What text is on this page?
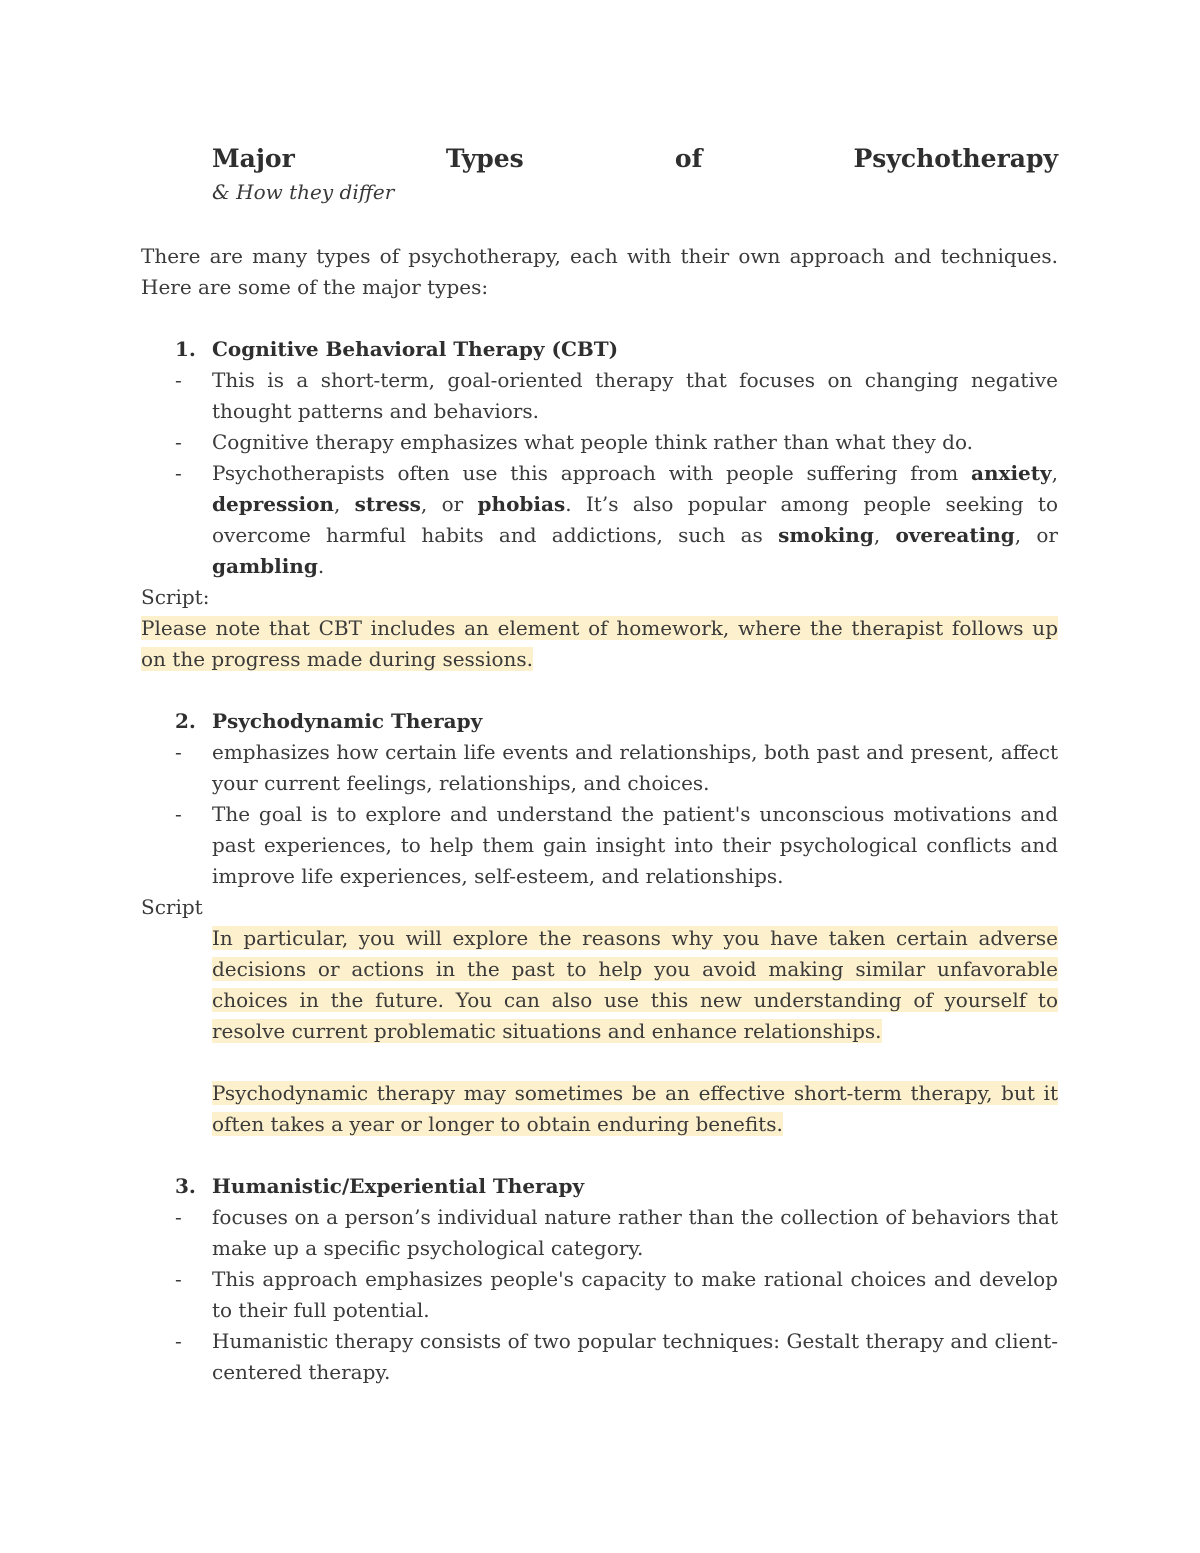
Major	Types	of	Psychotherapy
& How they differ

There are many types of psychotherapy, each with their own approach and techniques. Here are some of the major types:

1. Cognitive Behavioral Therapy (CBT)
- This is a short-term, goal-oriented therapy that focuses on changing negative thought patterns and behaviors.
- Cognitive therapy emphasizes what people think rather than what they do.
- Psychotherapists often use this approach with people suffering from anxiety, depression, stress, or phobias. It’s also popular among people seeking to overcome harmful habits and addictions, such as smoking, overeating, or gambling.

Script:

Please note that CBT includes an element of homework, where the therapist follows up on the progress made during sessions.

2. Psychodynamic Therapy
- emphasizes how certain life events and relationships, both past and present, affect your current feelings, relationships, and choices.
- The goal is to explore and understand the patient's unconscious motivations and past experiences, to help them gain insight into their psychological conflicts and improve life experiences, self-esteem, and relationships.

Script

In particular, you will explore the reasons why you have taken certain adverse decisions or actions in the past to help you avoid making similar unfavorable choices in the future. You can also use this new understanding of yourself to resolve current problematic situations and enhance relationships.

Psychodynamic therapy may sometimes be an effective short-term therapy, but it often takes a year or longer to obtain enduring benefits.

3. Humanistic/Experiential Therapy
- focuses on a person’s individual nature rather than the collection of behaviors that make up a specific psychological category.
- This approach emphasizes people's capacity to make rational choices and develop to their full potential.
- Humanistic therapy consists of two popular techniques: Gestalt therapy and client-centered therapy.
